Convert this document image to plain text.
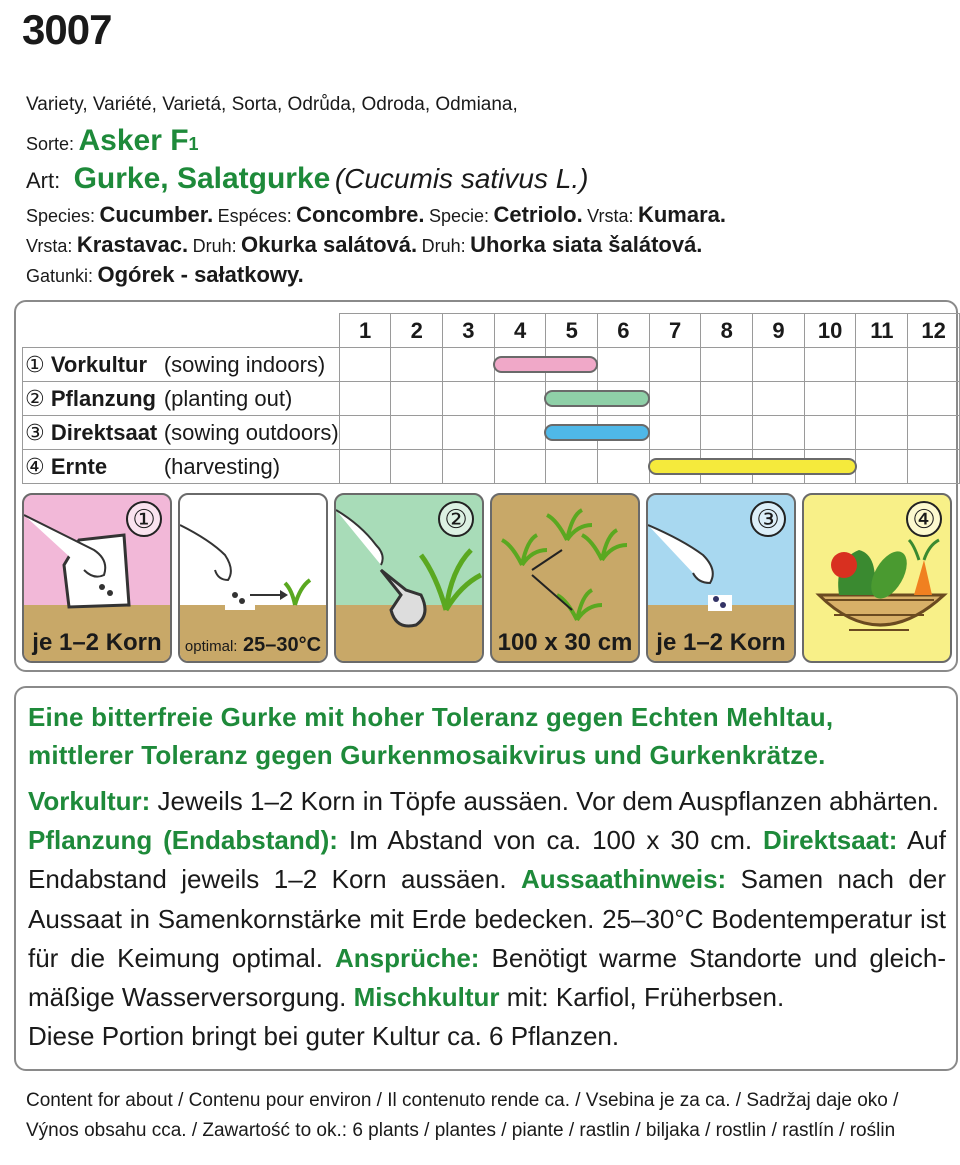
3007
Variety, Variété, Varietá, Sorta, Odrůda, Odroda, Odmiana,
Sorte: Asker F1
Art: Gurke, Salatgurke (Cucumis sativus L.)
Species: Cucumber. Espéces: Concombre. Specie: Cetriolo. Vrsta: Kumara.
Vrsta: Krastavac. Druh: Okurka salátová. Druh: Uhorka siata šalátová.
Gatunki: Ogórek - sałatkowy.
	1	2	3	4	5	6	7	8	9	10	11	12
① Vorkultur (sowing indoors)				

② Pflanzung (planting out)					

③ Direktsaat (sowing outdoors)					

④ Ernte (harvesting)							

①
je 1–2 Korn	optimal: 25–30°C
②
100 x 30 cm
③
je 1–2 Korn
④
Eine bitterfreie Gurke mit hoher Toleranz gegen Echten Mehltau, mittlerer Toleranz gegen Gurkenmosaikvirus und Gurkenkrätze.

Vorkultur: Jeweils 1–2 Korn in Töpfe aussäen. Vor dem Auspflanzen abhärten.

Pflanzung (Endabstand): Im Abstand von ca. 100 x 30 cm. Direktsaat: Auf Endabstand jeweils 1–2 Korn aussäen. Aussaathinweis: Samen nach der Aussaat in Samenkornstärke mit Erde bedecken. 25–30°C Bodentemperatur ist für die Keimung optimal. Ansprüche: Benötigt warme Standorte und gleichmäßige Wasserversorgung. Mischkultur mit: Karfiol, Früherbsen.

Diese Portion bringt bei guter Kultur ca. 6 Pflanzen.

Content for about / Contenu pour environ / Il contenuto rende ca. / Vsebina je za ca. / Sadržaj daje oko /
Výnos obsahu cca. / Zawartość to ok.: 6 plants / plantes / piante / rastlin / biljaka / rostlin / rastlín / roślin
